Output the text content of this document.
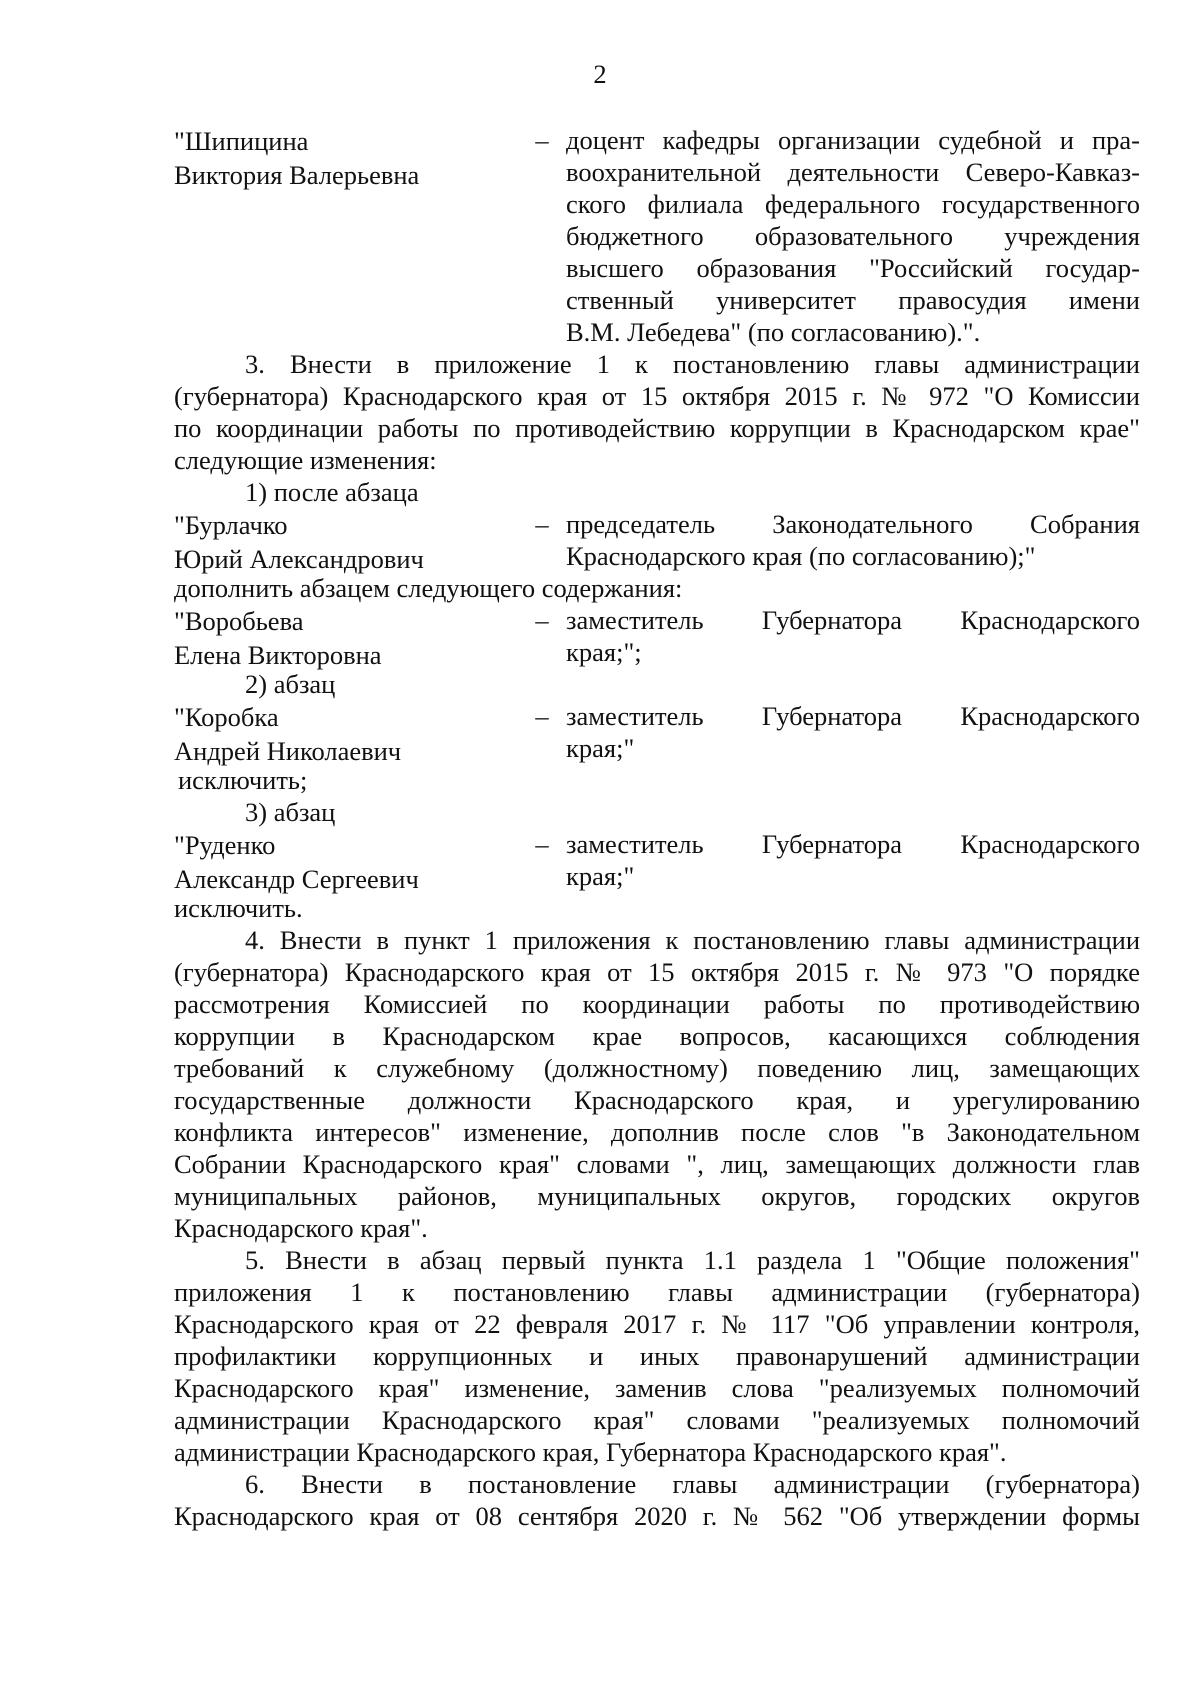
2
"Шипицина
Виктория Валерьевна
– доцент кафедры организации судебной и пра-
воохранительной деятельности Северо-Кавказ-
ского филиала федерального государственного
бюджетного образовательного учреждения
высшего образования "Российский государ-
ственный университет правосудия имени
В.М. Лебедева" (по согласованию).".
3. Внести в приложение 1 к постановлению главы администрации
(губернатора) Краснодарского края от 15 октября 2015 г. № 972 "О Комиссии
по координации работы по противодействию коррупции в Краснодарском крае"
следующие изменения:
1) после абзаца
"Бурлачко
Юрий Александрович
– председатель Законодательного Собрания
Краснодарского края (по согласованию);"
дополнить абзацем следующего содержания:
"Воробьева
Елена Викторовна
– заместитель Губернатора Краснодарского
края;";
2) абзац
"Коробка
Андрей Николаевич
– заместитель Губернатора Краснодарского
края;"
исключить;
3) абзац
"Руденко
Александр Сергеевич
– заместитель Губернатора Краснодарского
края;"
исключить.
4. Внести в пункт 1 приложения к постановлению главы администрации
(губернатора) Краснодарского края от 15 октября 2015 г. № 973 "О порядке
рассмотрения Комиссией по координации работы по противодействию
коррупции в Краснодарском крае вопросов, касающихся соблюдения
требований к служебному (должностному) поведению лиц, замещающих
государственные должности Краснодарского края, и урегулированию
конфликта интересов" изменение, дополнив после слов "в Законодательном
Собрании Краснодарского края" словами ", лиц, замещающих должности глав
муниципальных районов, муниципальных округов, городских округов
Краснодарского края".
5. Внести в абзац первый пункта 1.1 раздела 1 "Общие положения"
приложения 1 к постановлению главы администрации (губернатора)
Краснодарского края от 22 февраля 2017 г. № 117 "Об управлении контроля,
профилактики коррупционных и иных правонарушений администрации
Краснодарского края" изменение, заменив слова "реализуемых полномочий
администрации Краснодарского края" словами "реализуемых полномочий
администрации Краснодарского края, Губернатора Краснодарского края".
6. Внести в постановление главы администрации (губернатора)
Краснодарского края от 08 сентября 2020 г. № 562 "Об утверждении формы
